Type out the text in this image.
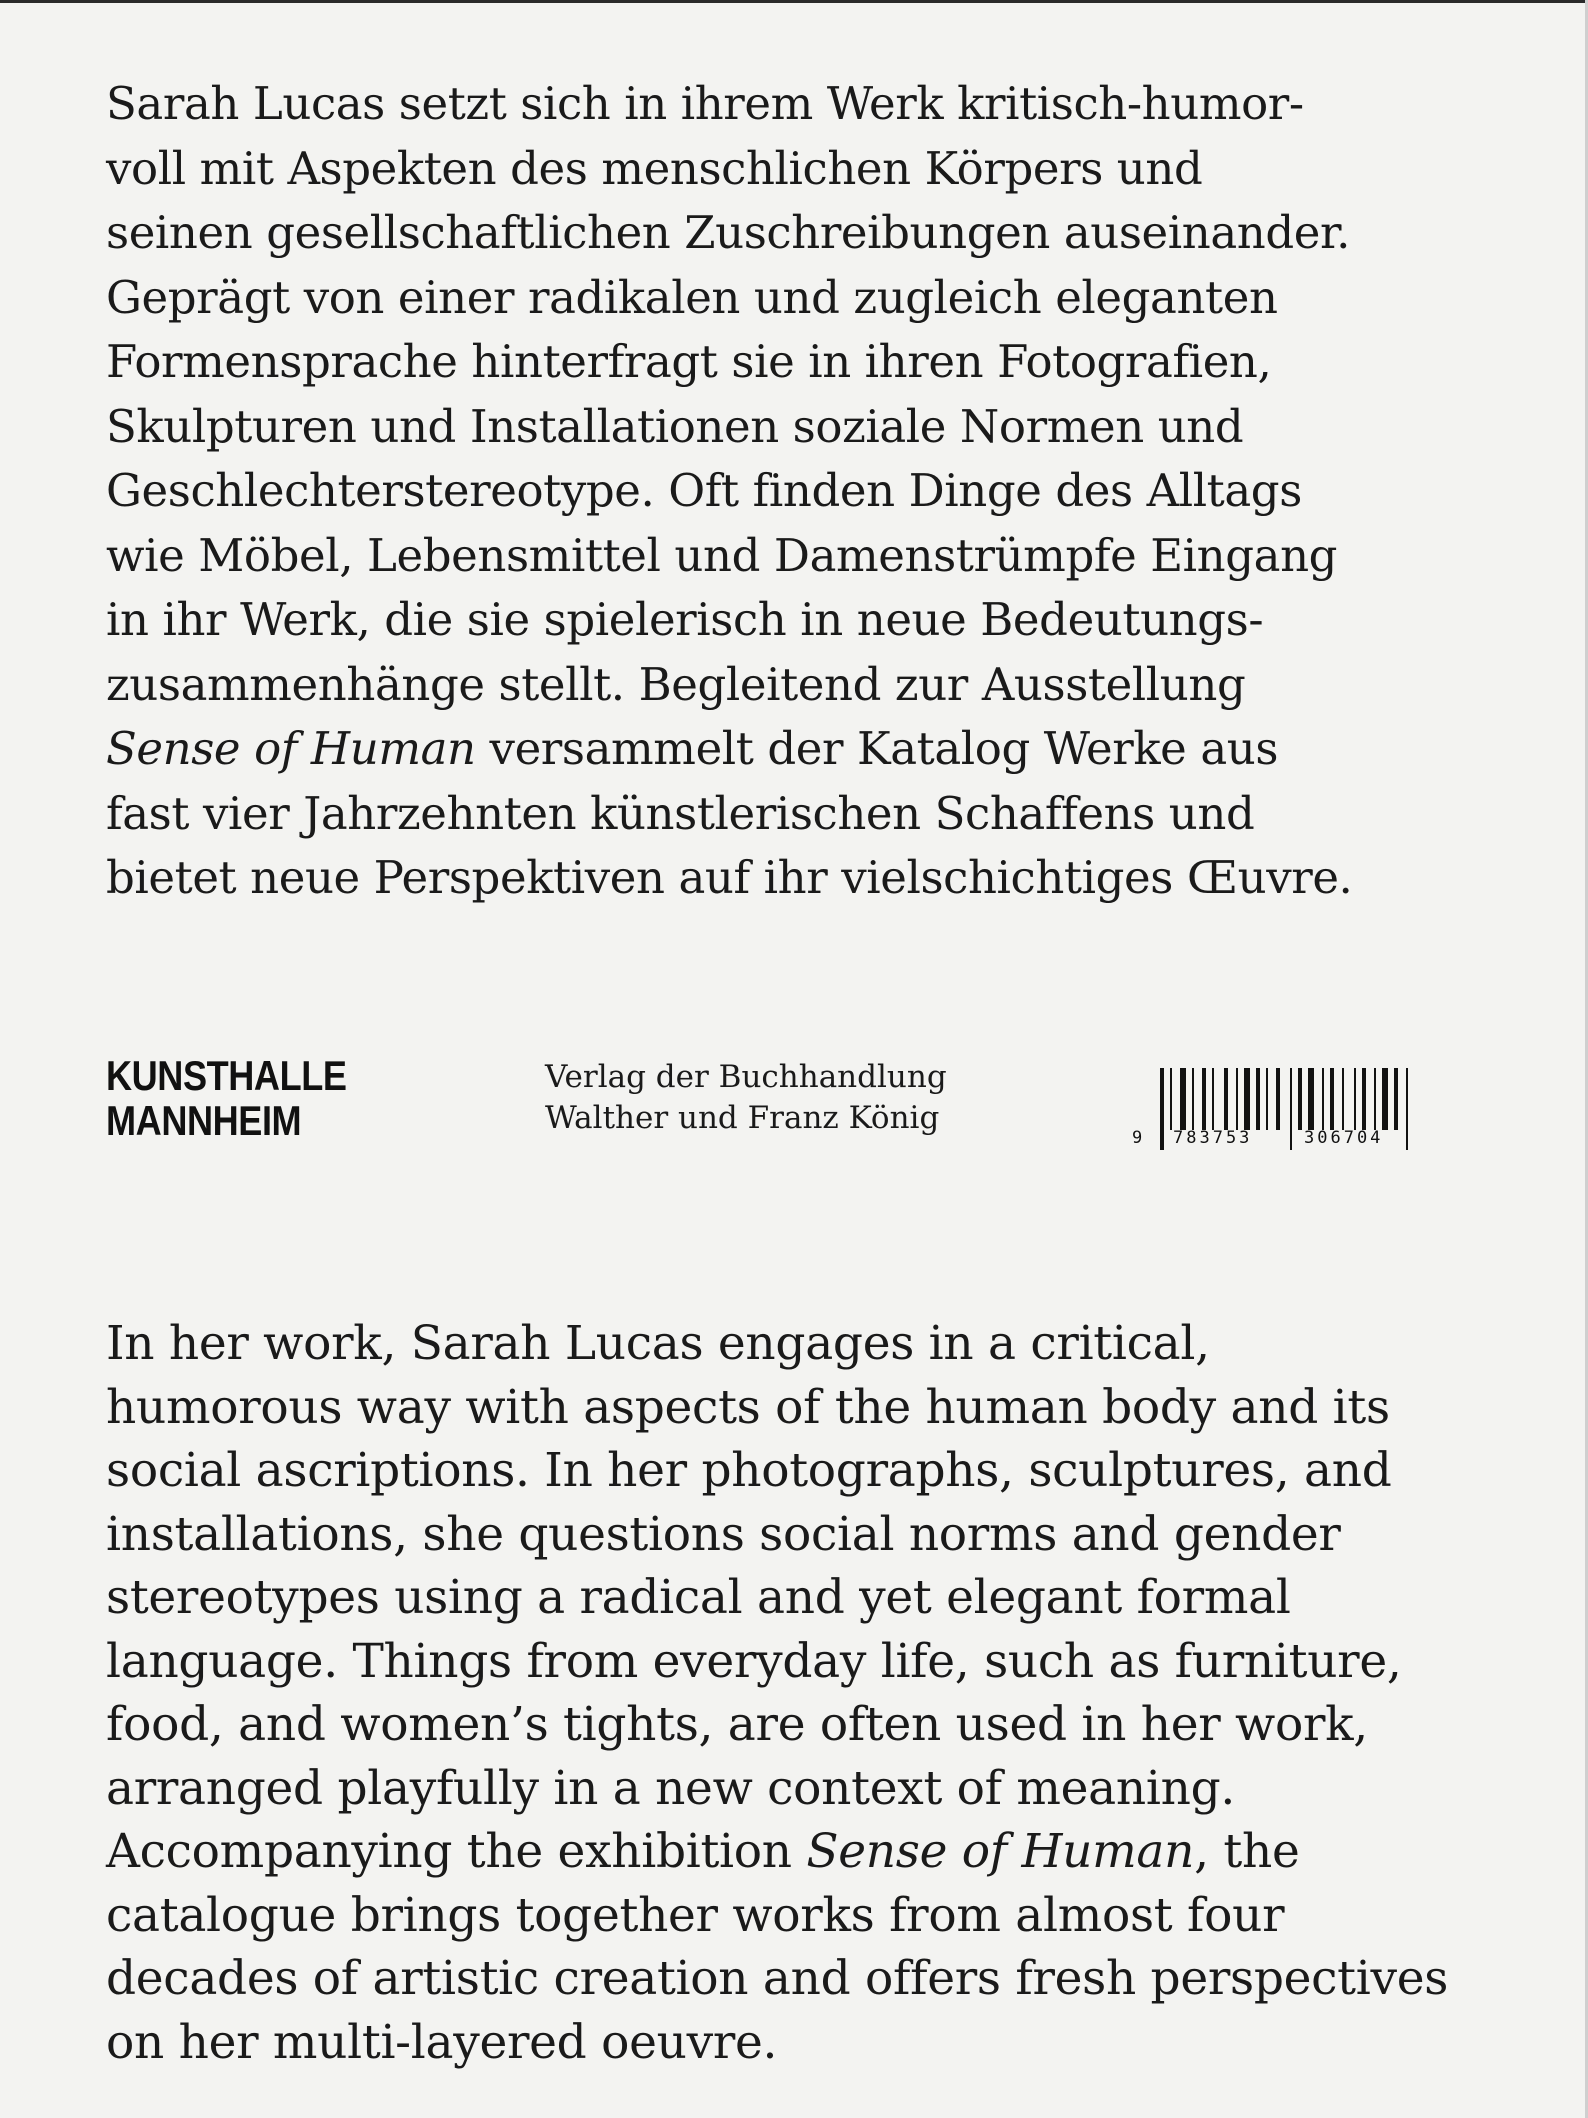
Sarah Lucas setzt sich in ihrem Werk kritisch-humor-
voll mit Aspekten des menschlichen Körpers und
seinen gesellschaftlichen Zuschreibungen auseinander.
Geprägt von einer radikalen und zugleich eleganten
Formensprache hinterfragt sie in ihren Fotografien,
Skulpturen und Installationen soziale Normen und
Geschlechterstereotype. Oft finden Dinge des Alltags
wie Möbel, Lebensmittel und Damenstrümpfe Eingang
in ihr Werk, die sie spielerisch in neue Bedeutungs-
zusammenhänge stellt. Begleitend zur Ausstellung
Sense of Human versammelt der Katalog Werke aus
fast vier Jahrzehnten künstlerischen Schaffens und
bietet neue Perspektiven auf ihr vielschichtiges Œuvre.
KUNSTHALLE
MANNHEIM
Verlag der Buchhandlung
Walther und Franz König
9 783753	306704
In her work, Sarah Lucas engages in a critical,
humorous way with aspects of the human body and its
social ascriptions. In her photographs, sculptures, and
installations, she questions social norms and gender
stereotypes using a radical and yet elegant formal
language. Things from everyday life, such as furniture,
food, and women’s tights, are often used in her work,
arranged playfully in a new context of meaning.
Accompanying the exhibition Sense of Human, the
catalogue brings together works from almost four
decades of artistic creation and offers fresh perspectives
on her multi-layered oeuvre.
